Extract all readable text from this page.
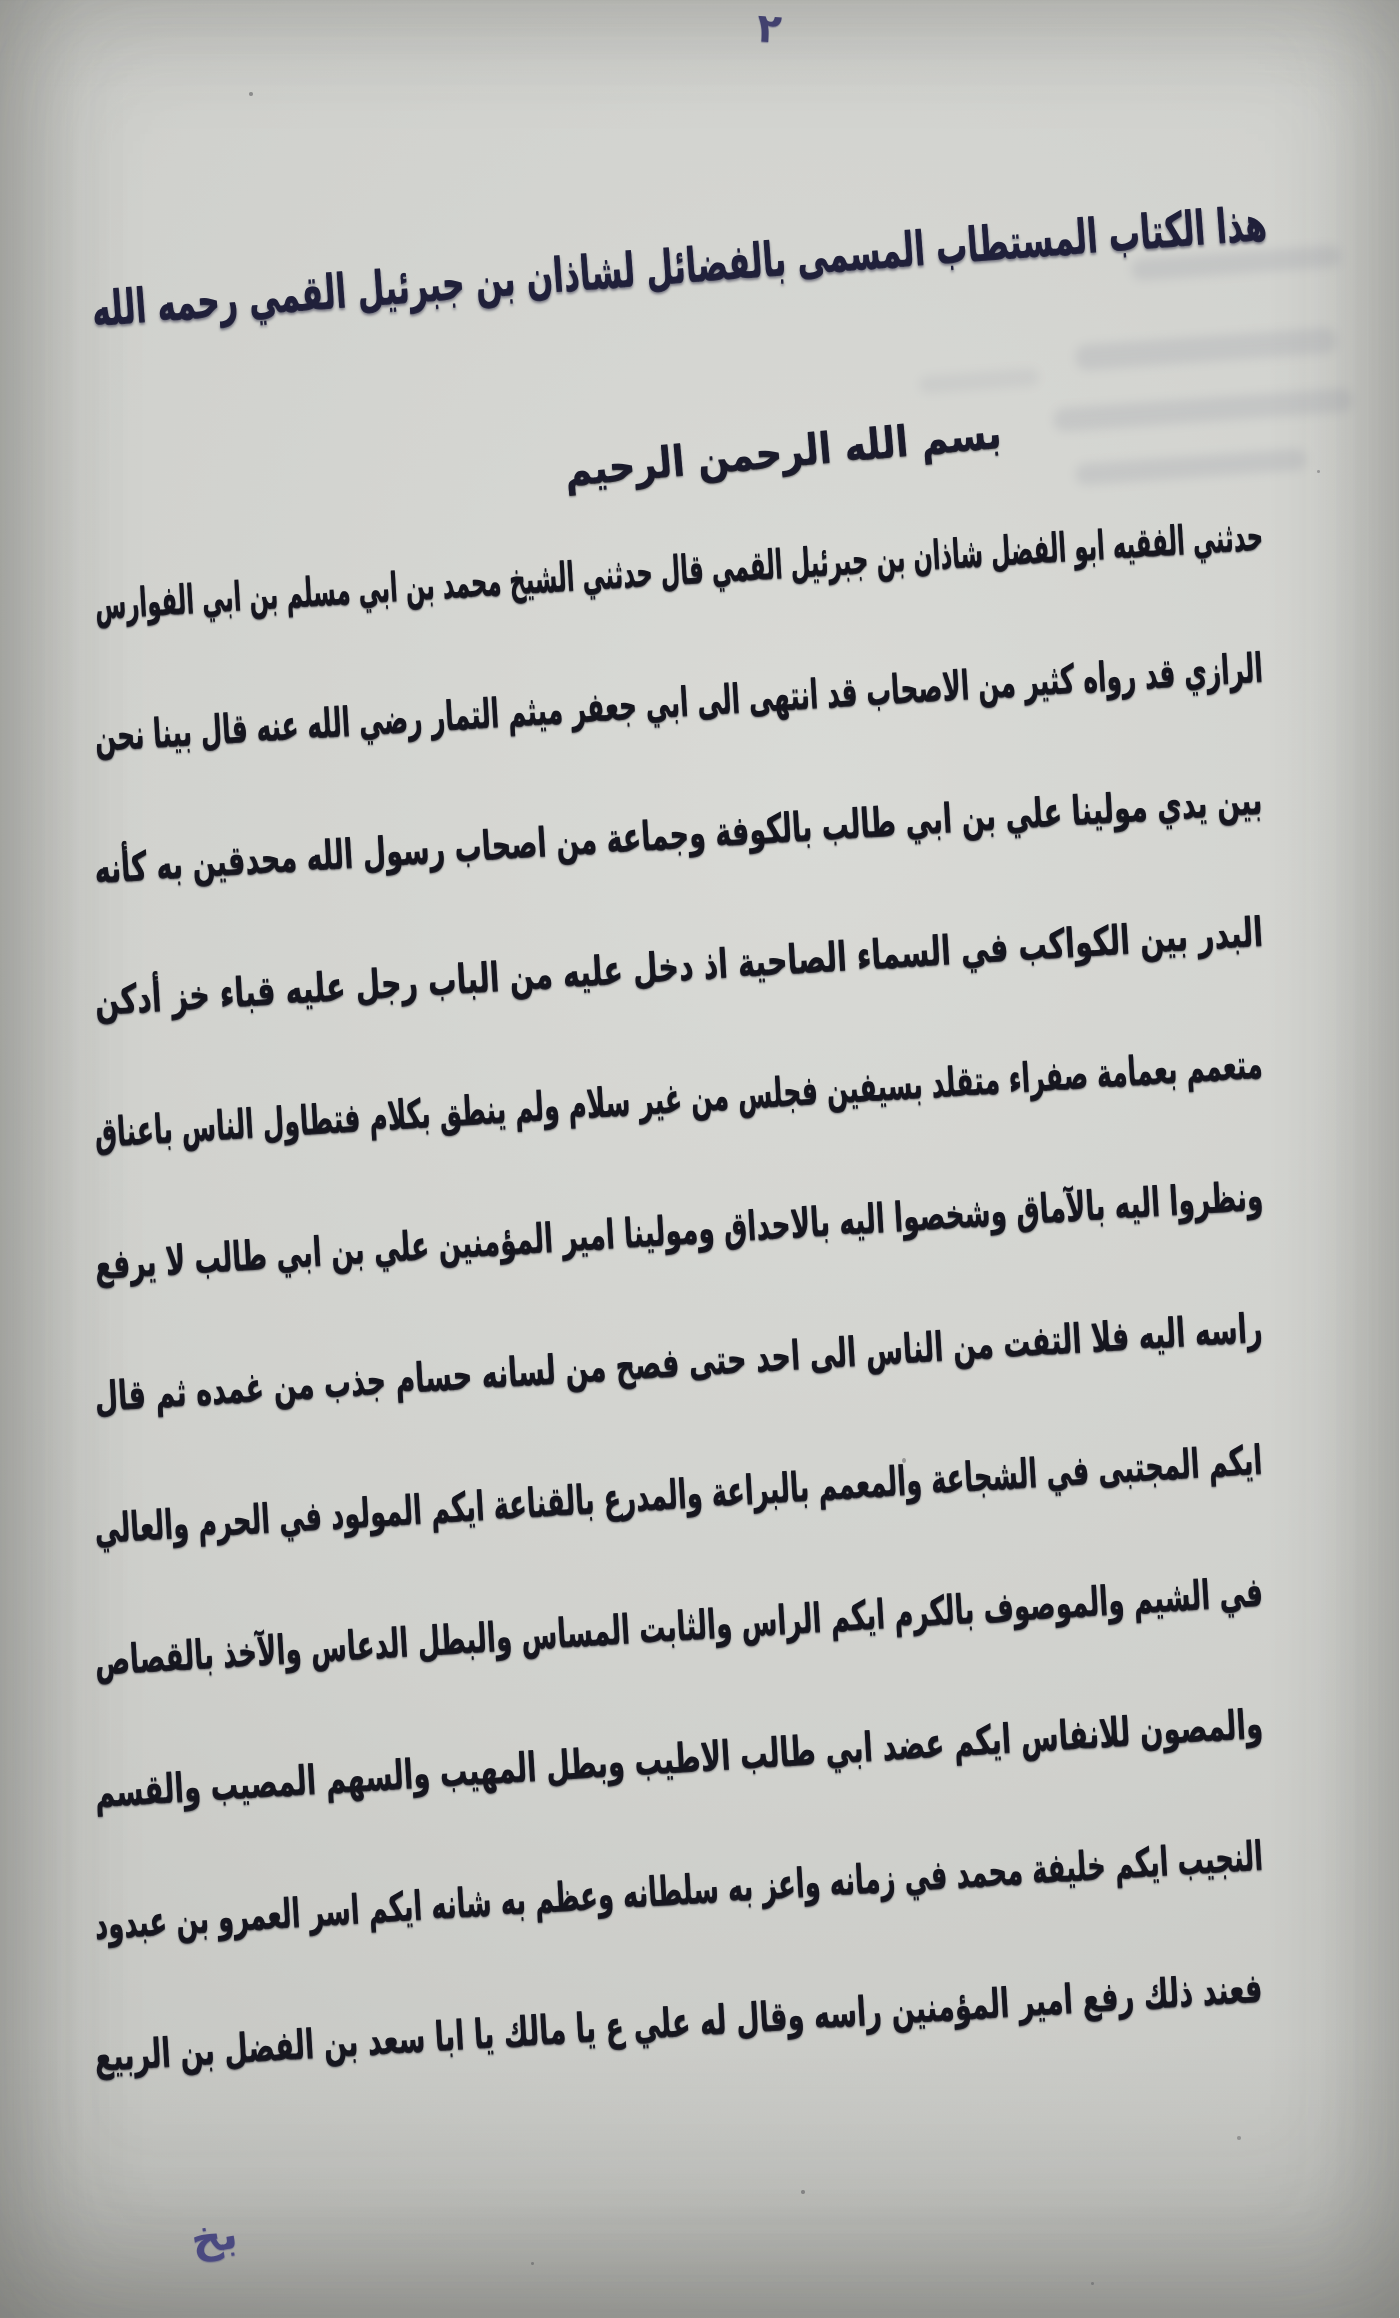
٢
هذا الكتاب المستطاب المسمى بالفضائل لشاذان بن جبرئيل القمي رحمه الله
بسم الله الرحمن الرحيم
حدثني الفقيه ابو الفضل شاذان بن جبرئيل القمي قال حدثني الشيخ محمد بن ابي مسلم بن ابي الفوارس
الرازي قد رواه كثير من الاصحاب قد انتهى الى ابي جعفر ميثم التمار رضي الله عنه قال بينا نحن
بين يدي مولينا علي بن ابي طالب بالكوفة وجماعة من اصحاب رسول الله محدقين به كأنه
البدر بين الكواكب في السماء الصاحية اذ دخل عليه من الباب رجل عليه قباء خز أدكن
متعمم بعمامة صفراء متقلد بسيفين فجلس من غير سلام ولم ينطق بكلام فتطاول الناس باعناق
ونظروا اليه بالآماق وشخصوا اليه بالاحداق ومولينا امير المؤمنين علي بن ابي طالب لا يرفع
راسه اليه فلا التفت من الناس الى احد حتى فصح من لسانه حسام جذب من غمده ثم قال
ايكم المجتبى في الشجاعة والمعمم بالبراعة والمدرع بالقناعة ايكم المولود في الحرم والعالي
في الشيم والموصوف بالكرم ايكم الراس والثابت المساس والبطل الدعاس والآخذ بالقصاص
والمصون للانفاس ايكم عضد ابي طالب الاطيب وبطل المهيب والسهم المصيب والقسم
النجيب ايكم خليفة محمد في زمانه واعز به سلطانه وعظم به شانه ايكم اسر العمرو بن عبدود
فعند ذلك رفع امير المؤمنين راسه وقال له علي ع يا مالك يا ابا سعد بن الفضل بن الربيع
بخ
